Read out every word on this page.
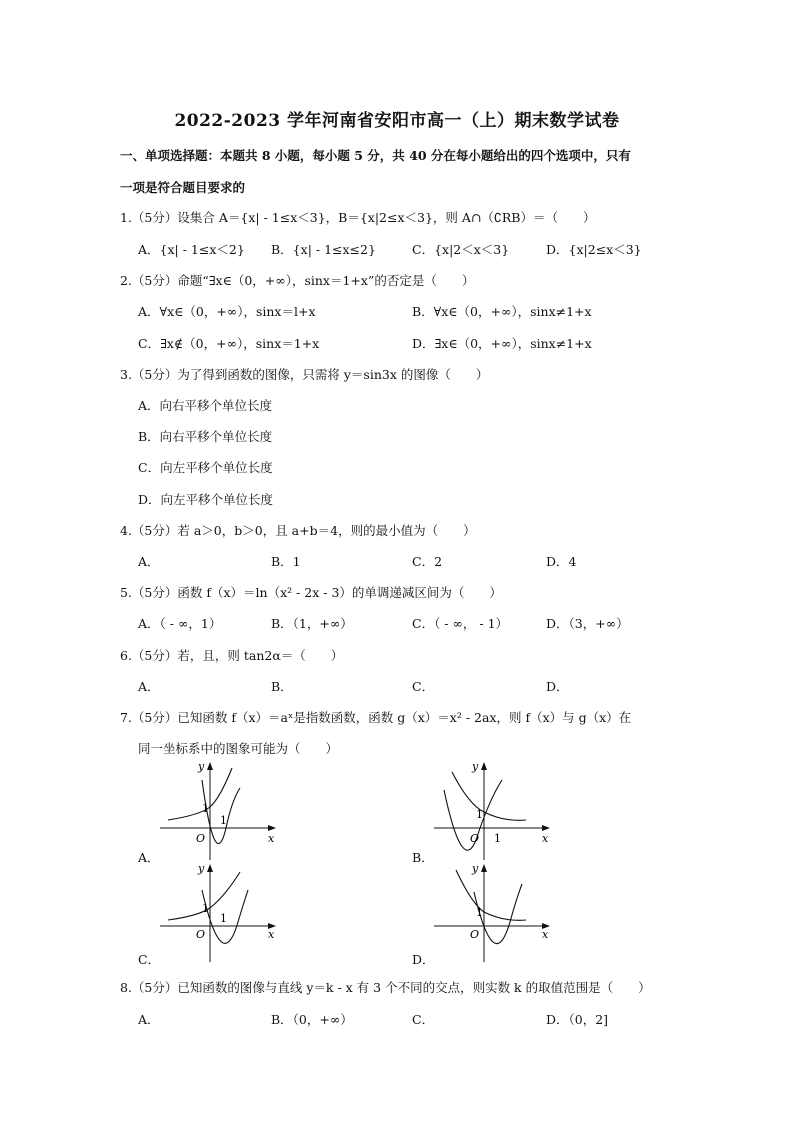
2022-2023 学年河南省安阳市高一（上）期末数学试卷
一、单项选择题：本题共 8 小题，每小题 5 分，共 40 分在每小题给出的四个选项中，只有
一项是符合题目要求的
1.（5分）设集合 A＝{x| - 1≤x＜3}，B＝{x|2≤x＜3}，则 A∩（∁RB）＝（　　）
A．{x| - 1≤x＜2} B．{x| - 1≤x≤2}	C．{x|2＜x＜3}	D．{x|2≤x＜3}
2.（5分）命题“∃x∈（0，+∞），sinx＝1+x”的否定是（　　）
A．∀x∈（0，+∞），sinx＝l+x	B．∀x∈（0，+∞），sinx≠1+x
C．∃x∉（0，+∞），sinx＝1+x	D．∃x∈（0，+∞），sinx≠1+x
3.（5分）为了得到函数的图像，只需将 y＝sin3x 的图像（　　）
A．向右平移个单位长度
B．向右平移个单位长度
C．向左平移个单位长度
D．向左平移个单位长度
4.（5分）若 a＞0，b＞0，且 a+b＝4，则的最小值为（　　）
A．	B．1	C．2	D．4
5.（5分）函数 f（x）＝ln（x² - 2x - 3）的单调递减区间为（　　）
A．（ - ∞，1）	B．（1，+∞）	C．（ - ∞， - 1）	D．（3，+∞）
6.（5分）若，且，则 tan2α＝（　　）
A．	B．	C．	D．
7.（5分）已知函数 f（x）＝aˣ是指数函数，函数 g（x）＝x² - 2ax，则 f（x）与 g（x）在
同一坐标系中的图象可能为（　　）
y
x
O
1
1
A．
y
x
O
1
1
B．
y
x
O
1
1
C．
y
x
O
1
D．
8.（5分）已知函数的图像与直线 y＝k - x 有 3 个不同的交点，则实数 k 的取值范围是（　　）
A．	B．（0，+∞）	C．	D．（0，2]
